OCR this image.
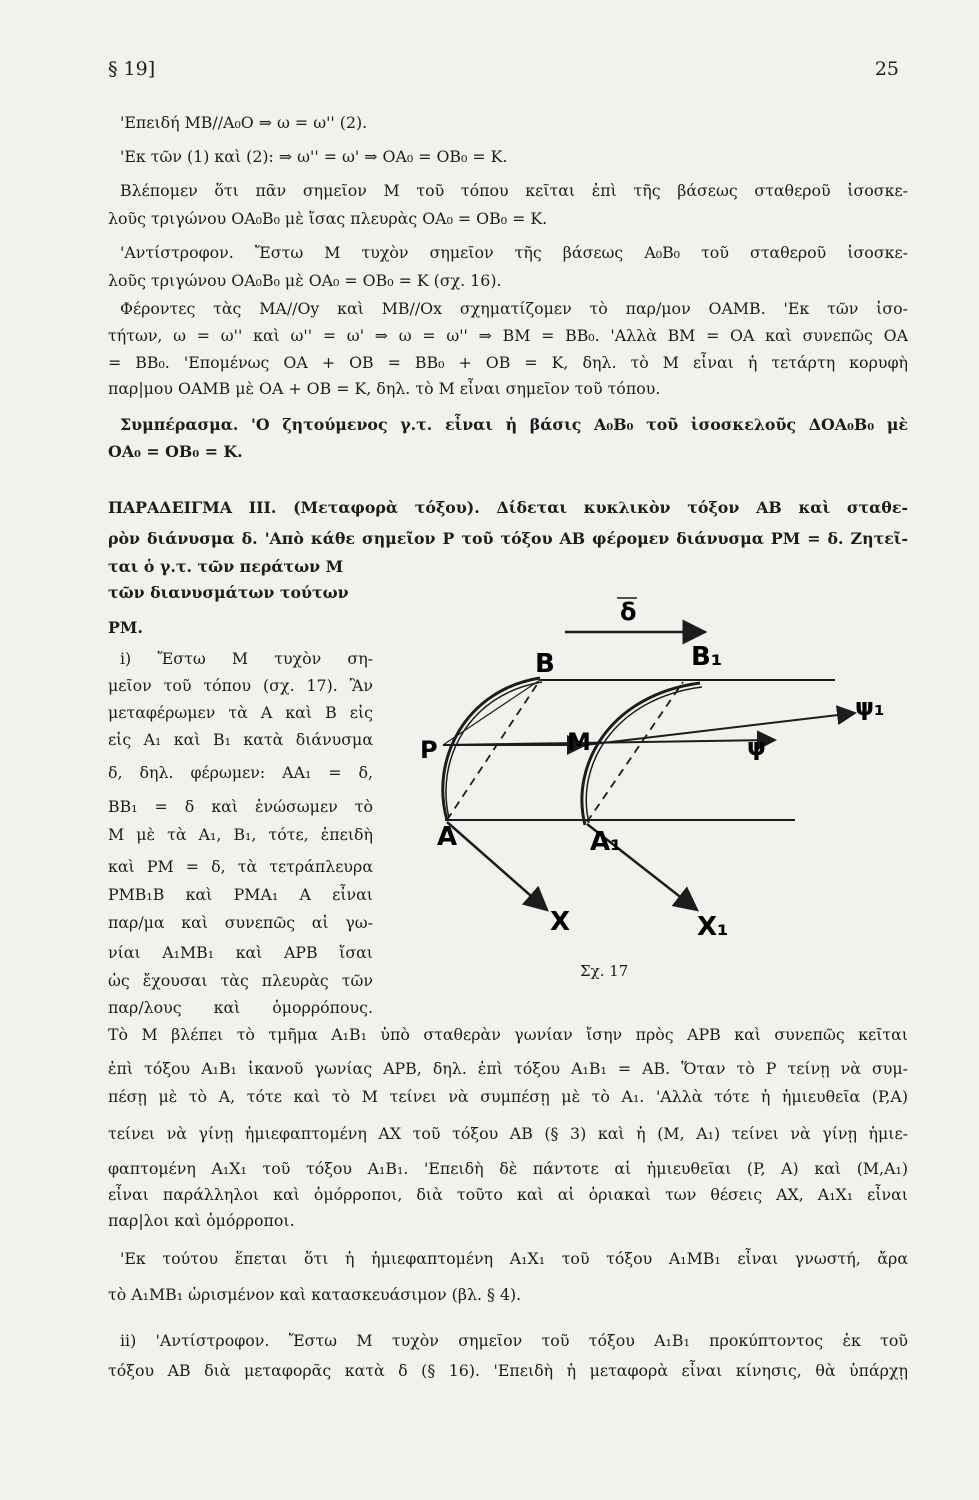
§ 19]	25
'Επειδή MB//A₀O ⇒ ω = ω'' (2).
'Εκ τῶν (1) καὶ (2): ⇒ ω'' = ω' ⇒ OA₀ = OB₀ = K.
Βλέπομεν ὅτι πᾶν σημεῖον M τοῦ τόπου κεῖται ἐπὶ τῆς βάσεως σταθεροῦ ἰσοσκε-
λοῦς τριγώνου OA₀B₀ μὲ ἴσας πλευρὰς OA₀ = OB₀ = K.
'Αντίστροφον. Ἔστω M τυχὸν σημεῖον τῆς βάσεως A₀B₀ τοῦ σταθεροῦ ἰσοσκε-
λοῦς τριγώνου OA₀B₀ μὲ OA₀ = OB₀ = K (σχ. 16).
Φέροντες τὰς MA//Oy καὶ MB//Ox σχηματίζομεν τὸ παρ/μον OAMB. 'Εκ τῶν ἰσο-
τήτων, ω = ω'' καὶ ω'' = ω' ⇒ ω = ω'' ⇒ BM = BB₀. 'Αλλὰ BM = OA καὶ συνεπῶς OA
= BB₀. 'Επομένως OA + OB = BB₀ + OB = K, δηλ. τὸ M εἶναι ἡ τετάρτη κορυφὴ
παρ|μου OAMB μὲ OA + OB = K, δηλ. τὸ M εἶναι σημεῖον τοῦ τόπου.
Συμπέρασμα. 'Ο ζητούμενος γ.τ. εἶναι ἡ βάσις A₀B₀ τοῦ ἰσοσκελοῦς ΔOA₀B₀ μὲ
OA₀ = OB₀ = K.
ΠΑΡΑΔΕΙΓΜΑ III. (Μεταφορὰ τόξου). Δίδεται κυκλικὸν τόξον AB καὶ σταθε-
ρὸν διάνυσμα δ. 'Απὸ κάθε σημεῖον P τοῦ τόξου AB φέρομεν διάνυσμα PM = δ. Ζητεῖ-
ται ὁ γ.τ. τῶν περάτων M
τῶν διανυσμάτων τούτων
PM.
i) Ἔστω M τυχὸν ση-
μεῖον τοῦ τόπου (σχ. 17). Ἂν
μεταφέρωμεν τὰ A καὶ B εἰς
εἰς A₁ καὶ B₁ κατὰ διάνυσμα
δ, δηλ. φέρωμεν: AA₁ = δ,
BB₁ = δ καὶ ἑνώσωμεν τὸ
M μὲ τὰ A₁, B₁, τότε, ἐπειδὴ
καὶ PM = δ, τὰ τετράπλευρα
PMB₁B καὶ PMA₁ A εἶναι
παρ/μα καὶ συνεπῶς αἱ γω-
νίαι A₁MB₁ καὶ APB ἴσαι
ὡς ἔχουσαι τὰς πλευρὰς τῶν
παρ/λους καὶ ὁμορρόπους.
δ
B	B₁
M
P
A	A₁
X	X₁
ψ
ψ₁
Σχ. 17
Τὸ M βλέπει τὸ τμῆμα A₁B₁ ὑπὸ σταθερὰν γωνίαν ἴσην πρὸς APB καὶ συνεπῶς κεῖται
ἐπὶ τόξου A₁B₁ ἱκανοῦ γωνίας APB, δηλ. ἐπὶ τόξου A₁B₁ = AB. Ὅταν τὸ P τείνῃ νὰ συμ-
πέσῃ μὲ τὸ A, τότε καὶ τὸ M τείνει νὰ συμπέσῃ μὲ τὸ A₁. 'Αλλὰ τότε ἡ ἡμιευθεῖα (P,A)
τείνει νὰ γίνῃ ἡμιεφαπτομένη AX τοῦ τόξου AB (§ 3) καὶ ἡ (M, A₁) τείνει νὰ γίνῃ ἡμιε-
φαπτομένη A₁X₁ τοῦ τόξου A₁B₁. 'Επειδὴ δὲ πάντοτε αἱ ἡμιευθεῖαι (P, A) καὶ (M,A₁)
εἶναι παράλληλοι καὶ ὁμόρροποι, διὰ τοῦτο καὶ αἱ ὁριακαὶ των θέσεις AX, A₁X₁ εἶναι
παρ|λοι καὶ ὁμόρροποι.
'Εκ τούτου ἕπεται ὅτι ἡ ἡμιεφαπτομένη A₁X₁ τοῦ τόξου A₁MB₁ εἶναι γνωστή, ἄρα
τὸ A₁MB₁ ὡρισμένον καὶ κατασκευάσιμον (βλ. § 4).
ii) 'Αντίστροφον. Ἔστω M τυχὸν σημεῖον τοῦ τόξου A₁B₁ προκύπτοντος ἐκ τοῦ
τόξου AB διὰ μεταφορᾶς κατὰ δ (§ 16). 'Επειδὴ ἡ μεταφορὰ εἶναι κίνησις, θὰ ὑπάρχῃ
